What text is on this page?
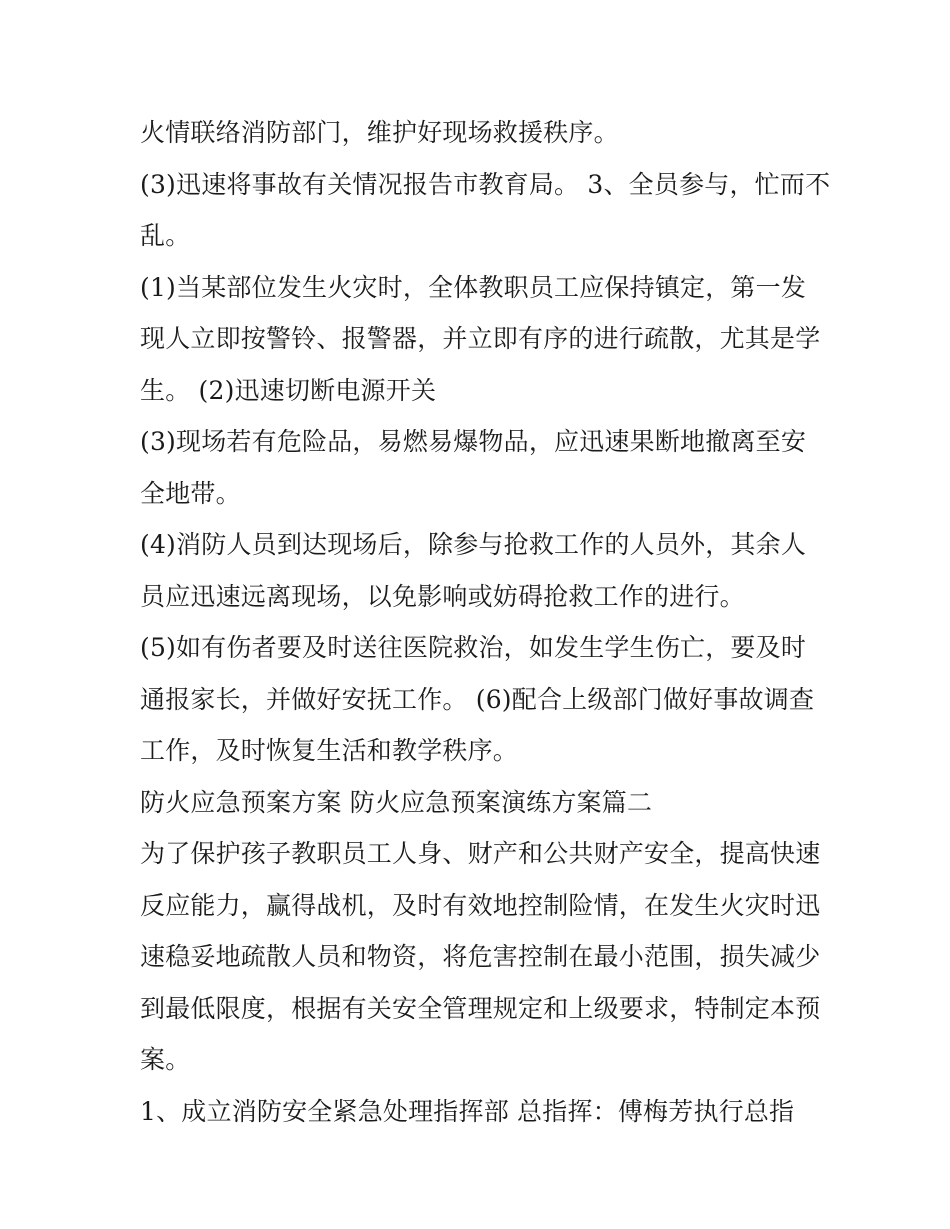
火情联络消防部门，维护好现场救援秩序。
(3)迅速将事故有关情况报告市教育局。 3、全员参与，忙而不
乱。
(1)当某部位发生火灾时，全体教职员工应保持镇定，第一发
现人立即按警铃、报警器，并立即有序的进行疏散，尤其是学
生。 (2)迅速切断电源开关
(3)现场若有危险品，易燃易爆物品，应迅速果断地撤离至安
全地带。
(4)消防人员到达现场后，除参与抢救工作的人员外，其余人
员应迅速远离现场，以免影响或妨碍抢救工作的进行。
(5)如有伤者要及时送往医院救治，如发生学生伤亡，要及时
通报家长，并做好安抚工作。 (6)配合上级部门做好事故调查
工作，及时恢复生活和教学秩序。
防火应急预案方案 防火应急预案演练方案篇二
为了保护孩子教职员工人身、财产和公共财产安全，提高快速
反应能力，赢得战机，及时有效地控制险情，在发生火灾时迅
速稳妥地疏散人员和物资，将危害控制在最小范围，损失减少
到最低限度，根据有关安全管理规定和上级要求，特制定本预
案。
1、成立消防安全紧急处理指挥部 总指挥：傅梅芳执行总指
